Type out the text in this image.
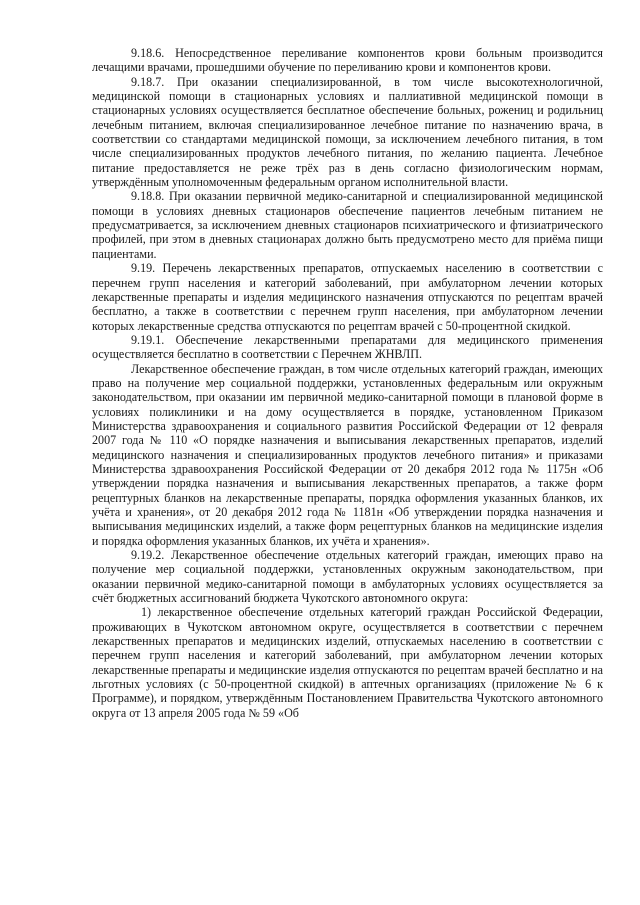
9.18.6. Непосредственное переливание компонентов крови больным производится лечащими врачами, прошедшими обучение по переливанию крови и компонентов крови.

9.18.7. При оказании специализированной, в том числе высокотехнологичной, медицинской помощи в стационарных условиях и паллиативной медицинской помощи в стационарных условиях осуществляется бесплатное обеспечение больных, рожениц и родильниц лечебным питанием, включая специализированное лечебное питание по назначению врача, в соответствии со стандартами медицинской помощи, за исключением лечебного питания, в том числе специализированных продуктов лечебного питания, по желанию пациента. Лечебное питание предоставляется не реже трёх раз в день согласно физиологическим нормам, утверждённым уполномоченным федеральным органом исполнительной власти.

9.18.8. При оказании первичной медико-санитарной и специализированной медицинской помощи в условиях дневных стационаров обеспечение пациентов лечебным питанием не предусматривается, за исключением дневных стационаров психиатрического и фтизиатрического профилей, при этом в дневных стационарах должно быть предусмотрено место для приёма пищи пациентами.

9.19. Перечень лекарственных препаратов, отпускаемых населению в соответствии с перечнем групп населения и категорий заболеваний, при амбулаторном лечении которых лекарственные препараты и изделия медицинского назначения отпускаются по рецептам врачей бесплатно, а также в соответствии с перечнем групп населения, при амбулаторном лечении которых лекарственные средства отпускаются по рецептам врачей с 50-процентной скидкой.

9.19.1. Обеспечение лекарственными препаратами для медицинского применения осуществляется бесплатно в соответствии с Перечнем ЖНВЛП.

Лекарственное обеспечение граждан, в том числе отдельных категорий граждан, имеющих право на получение мер социальной поддержки, установленных федеральным или окружным законодательством, при оказании им первичной медико-санитарной помощи в плановой форме в условиях поликлиники и на дому осуществляется в порядке, установленном Приказом Министерства здравоохранения и социального развития Российской Федерации от 12 февраля 2007 года № 110 «О порядке назначения и выписывания лекарственных препаратов, изделий медицинского назначения и специализированных продуктов лечебного питания» и приказами Министерства здравоохранения Российской Федерации от 20 декабря 2012 года № 1175н «Об утверждении порядка назначения и выписывания лекарственных препаратов, а также форм рецептурных бланков на лекарственные препараты, порядка оформления указанных бланков, их учёта и хранения», от 20 декабря 2012 года № 1181н «Об утверждении порядка назначения и выписывания медицинских изделий, а также форм рецептурных бланков на медицинские изделия и порядка оформления указанных бланков, их учёта и хранения».

9.19.2. Лекарственное обеспечение отдельных категорий граждан, имеющих право на получение мер социальной поддержки, установленных окружным законодательством, при оказании первичной медико-санитарной помощи в амбулаторных условиях осуществляется за счёт бюджетных ассигнований бюджета Чукотского автономного округа:

1) лекарственное обеспечение отдельных категорий граждан Российской Федерации, проживающих в Чукотском автономном округе, осуществляется в соответствии с перечнем лекарственных препаратов и медицинских изделий, отпускаемых населению в соответствии с перечнем групп населения и категорий заболеваний, при амбулаторном лечении которых лекарственные препараты и медицинские изделия отпускаются по рецептам врачей бесплатно и на льготных условиях (с 50-процентной скидкой) в аптечных организациях (приложение № 6 к Программе), и порядком, утверждённым Постановлением Правительства Чукотского автономного округа от 13 апреля 2005 года № 59 «Об
